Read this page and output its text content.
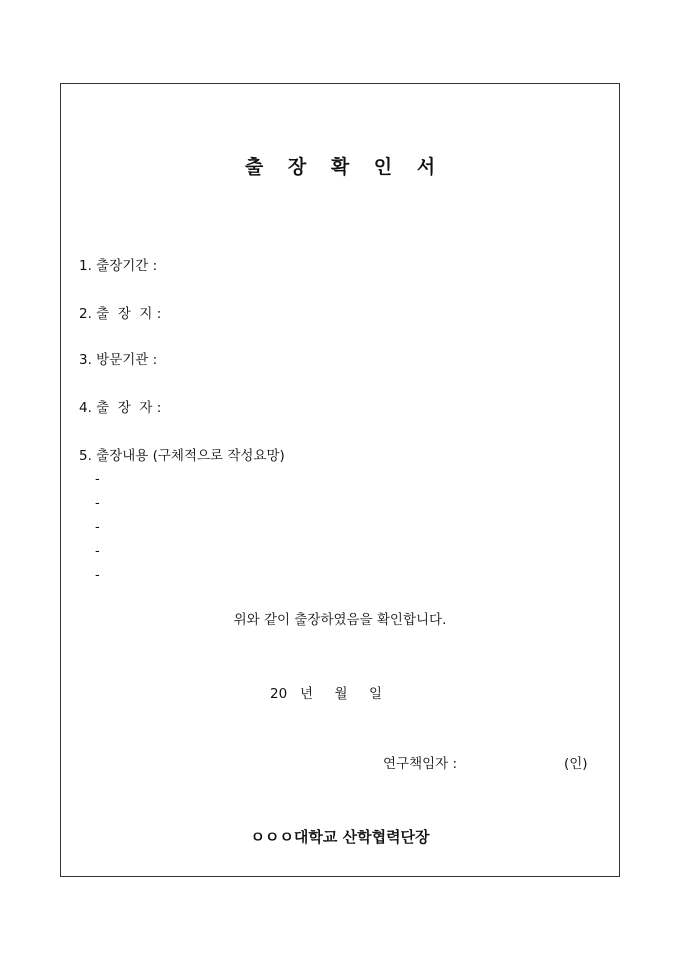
출 장 확 인 서
1. 출장기간 :
2. 출  장  지 :
3. 방문기관 :
4. 출  장  자 :
5. 출장내용 (구체적으로 작성요망)
-
-
-
-
-
위와 같이 출장하였음을 확인합니다.
20   년     월     일
연구책임자 :	(인)
ㅇㅇㅇ대학교 산학협력단장
